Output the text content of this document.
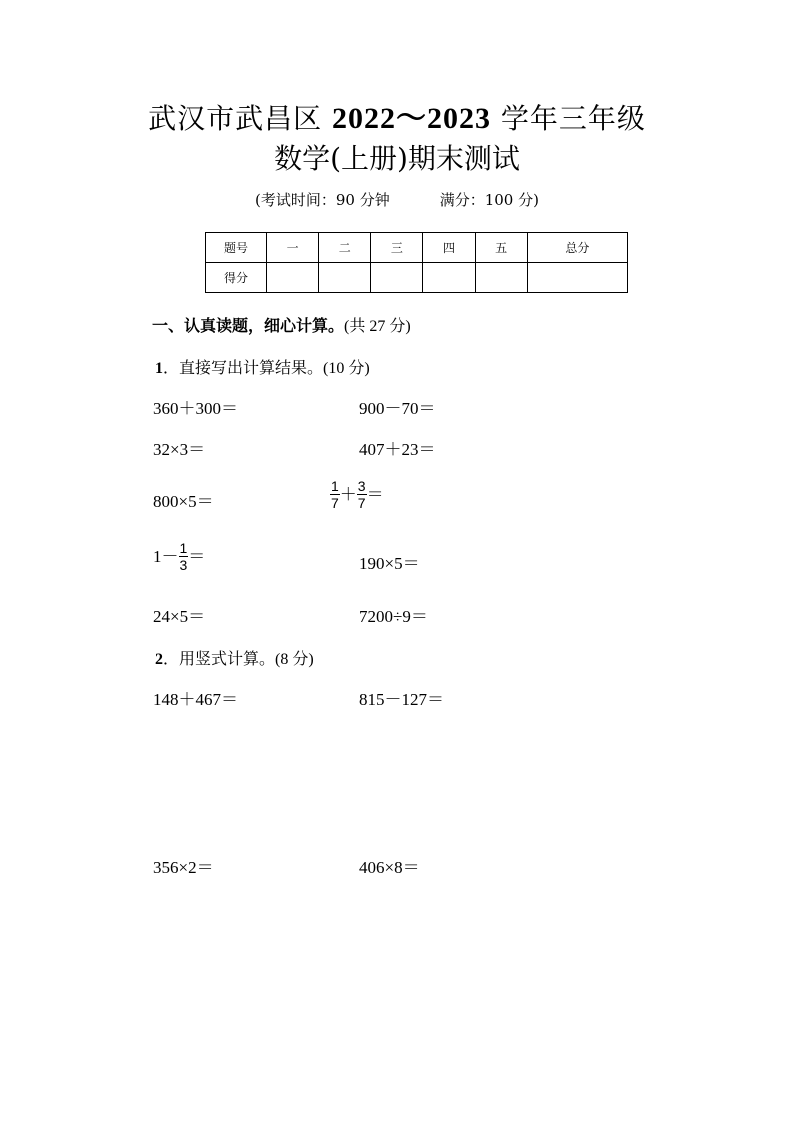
武汉市武昌区 2022～2023 学年三年级
数学(上册)期末测试
(考试时间：90 分钟	满分：100 分)
题号	一	二	三	四	五	总分
得分						
一、认真读题，细心计算。(共 27 分)
1．直接写出计算结果。(10 分)
360＋300＝	900－70＝
32×3＝	407＋23＝
800×5＝	$\frac{1}{7} + \frac{3}{7}$ ＝
$1- \frac{1}{3}$ ＝	190×5＝
24×5＝	7200÷9＝
2．用竖式计算。(8 分)
148＋467＝	815－127＝
356×2＝	406×8＝
